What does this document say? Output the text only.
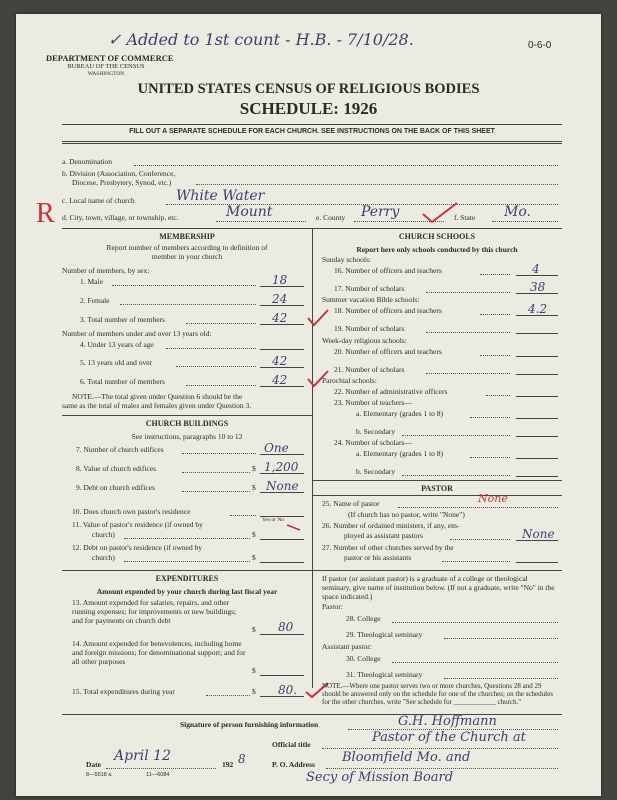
✓ Added to 1st count - H.B. - 7/10/28.	0-6-0
R
DEPARTMENT OF COMMERCE
BUREAU OF THE CENSUS
WASHINGTON
UNITED STATES CENSUS OF RELIGIOUS BODIES
SCHEDULE: 1926
FILL OUT A SEPARATE SCHEDULE FOR EACH CHURCH. SEE INSTRUCTIONS ON THE BACK OF THIS SHEET
a. Denomination
b. Division (Association, Conference,
Diocese, Presbytery, Synod, etc.)
c. Local name of church	White Water
d. City, town, village, or township, etc.	Mount	e. County Perry	f. State Mo.
MEMBERSHIP
Report number of members according to definition of
member in your church
Number of members, by sex:
1. Male	18
2. Female	24
3. Total number of members	42
Number of members under and over 13 years old:
4. Under 13 years of age
5. 13 years old and over	42
6. Total number of members	42
NOTE.—The total given under Question 6 should be the
same as the total of males and females given under Question 3.
CHURCH BUILDINGS
See instructions, paragraphs 10 to 12
7. Number of church edifices	One
8. Value of church edifices	$ 1,200
9. Debt on church edifices	$ None
10. Does church own pastor's residence
Yes or No
11. Value of pastor's residence (if owned by
church)	$
12. Debt on pastor's residence (if owned by
church)	$
EXPENDITURES
Amount expended by your church during last fiscal year
13. Amount expended for salaries, repairs, and other running expenses; for improvements or new buildings; and for payments on church debt
$ 80
14. Amount expended for benevolences, including home and foreign missions; for denominational support; and for all other purposes
$
15. Total expenditures during year	$ 80.
CHURCH SCHOOLS
Report here only schools conducted by this church
Sunday schools:
16. Number of officers and teachers	4
17. Number of scholars	38
Summer vacation Bible schools:
18. Number of officers and teachers	4.2
19. Number of scholars
Week-day religious schools:
20. Number of officers and teachers
21. Number of scholars
Parochial schools:
22. Number of administrative officers
23. Number of teachers—
a. Elementary (grades 1 to 8)
b. Secondary
24. Number of scholars—
a. Elementary (grades 1 to 8)
b. Secondary
PASTOR
25. Name of pastor	None
(If church has no pastor, write "None")
26. Number of ordained ministers, if any, em-
ployed as assistant pastors	None
27. Number of other churches served by the
pastor or his assistants
If pastor (or assistant pastor) is a graduate of a college or theological seminary, give name of institution below. (If not a graduate, write "No" in the space indicated.)
Pastor:
28. College
29. Theological seminary
Assistant pastor:
30. College
31. Theological seminary
NOTE.—Where one pastor serves two or more churches, Questions 28 and 29 should be answered only on the schedule for one of the churches; on the schedules for the other churches, write "See schedule for ____________ church."
Signature of person furnishing information	G.H. Hoffmann
Official title	Pastor of the Church at
Date
April 12
192 8	P. O. Address Bloomfield Mo. and
Secy of Mission Board
8—5518 a	11—6084
